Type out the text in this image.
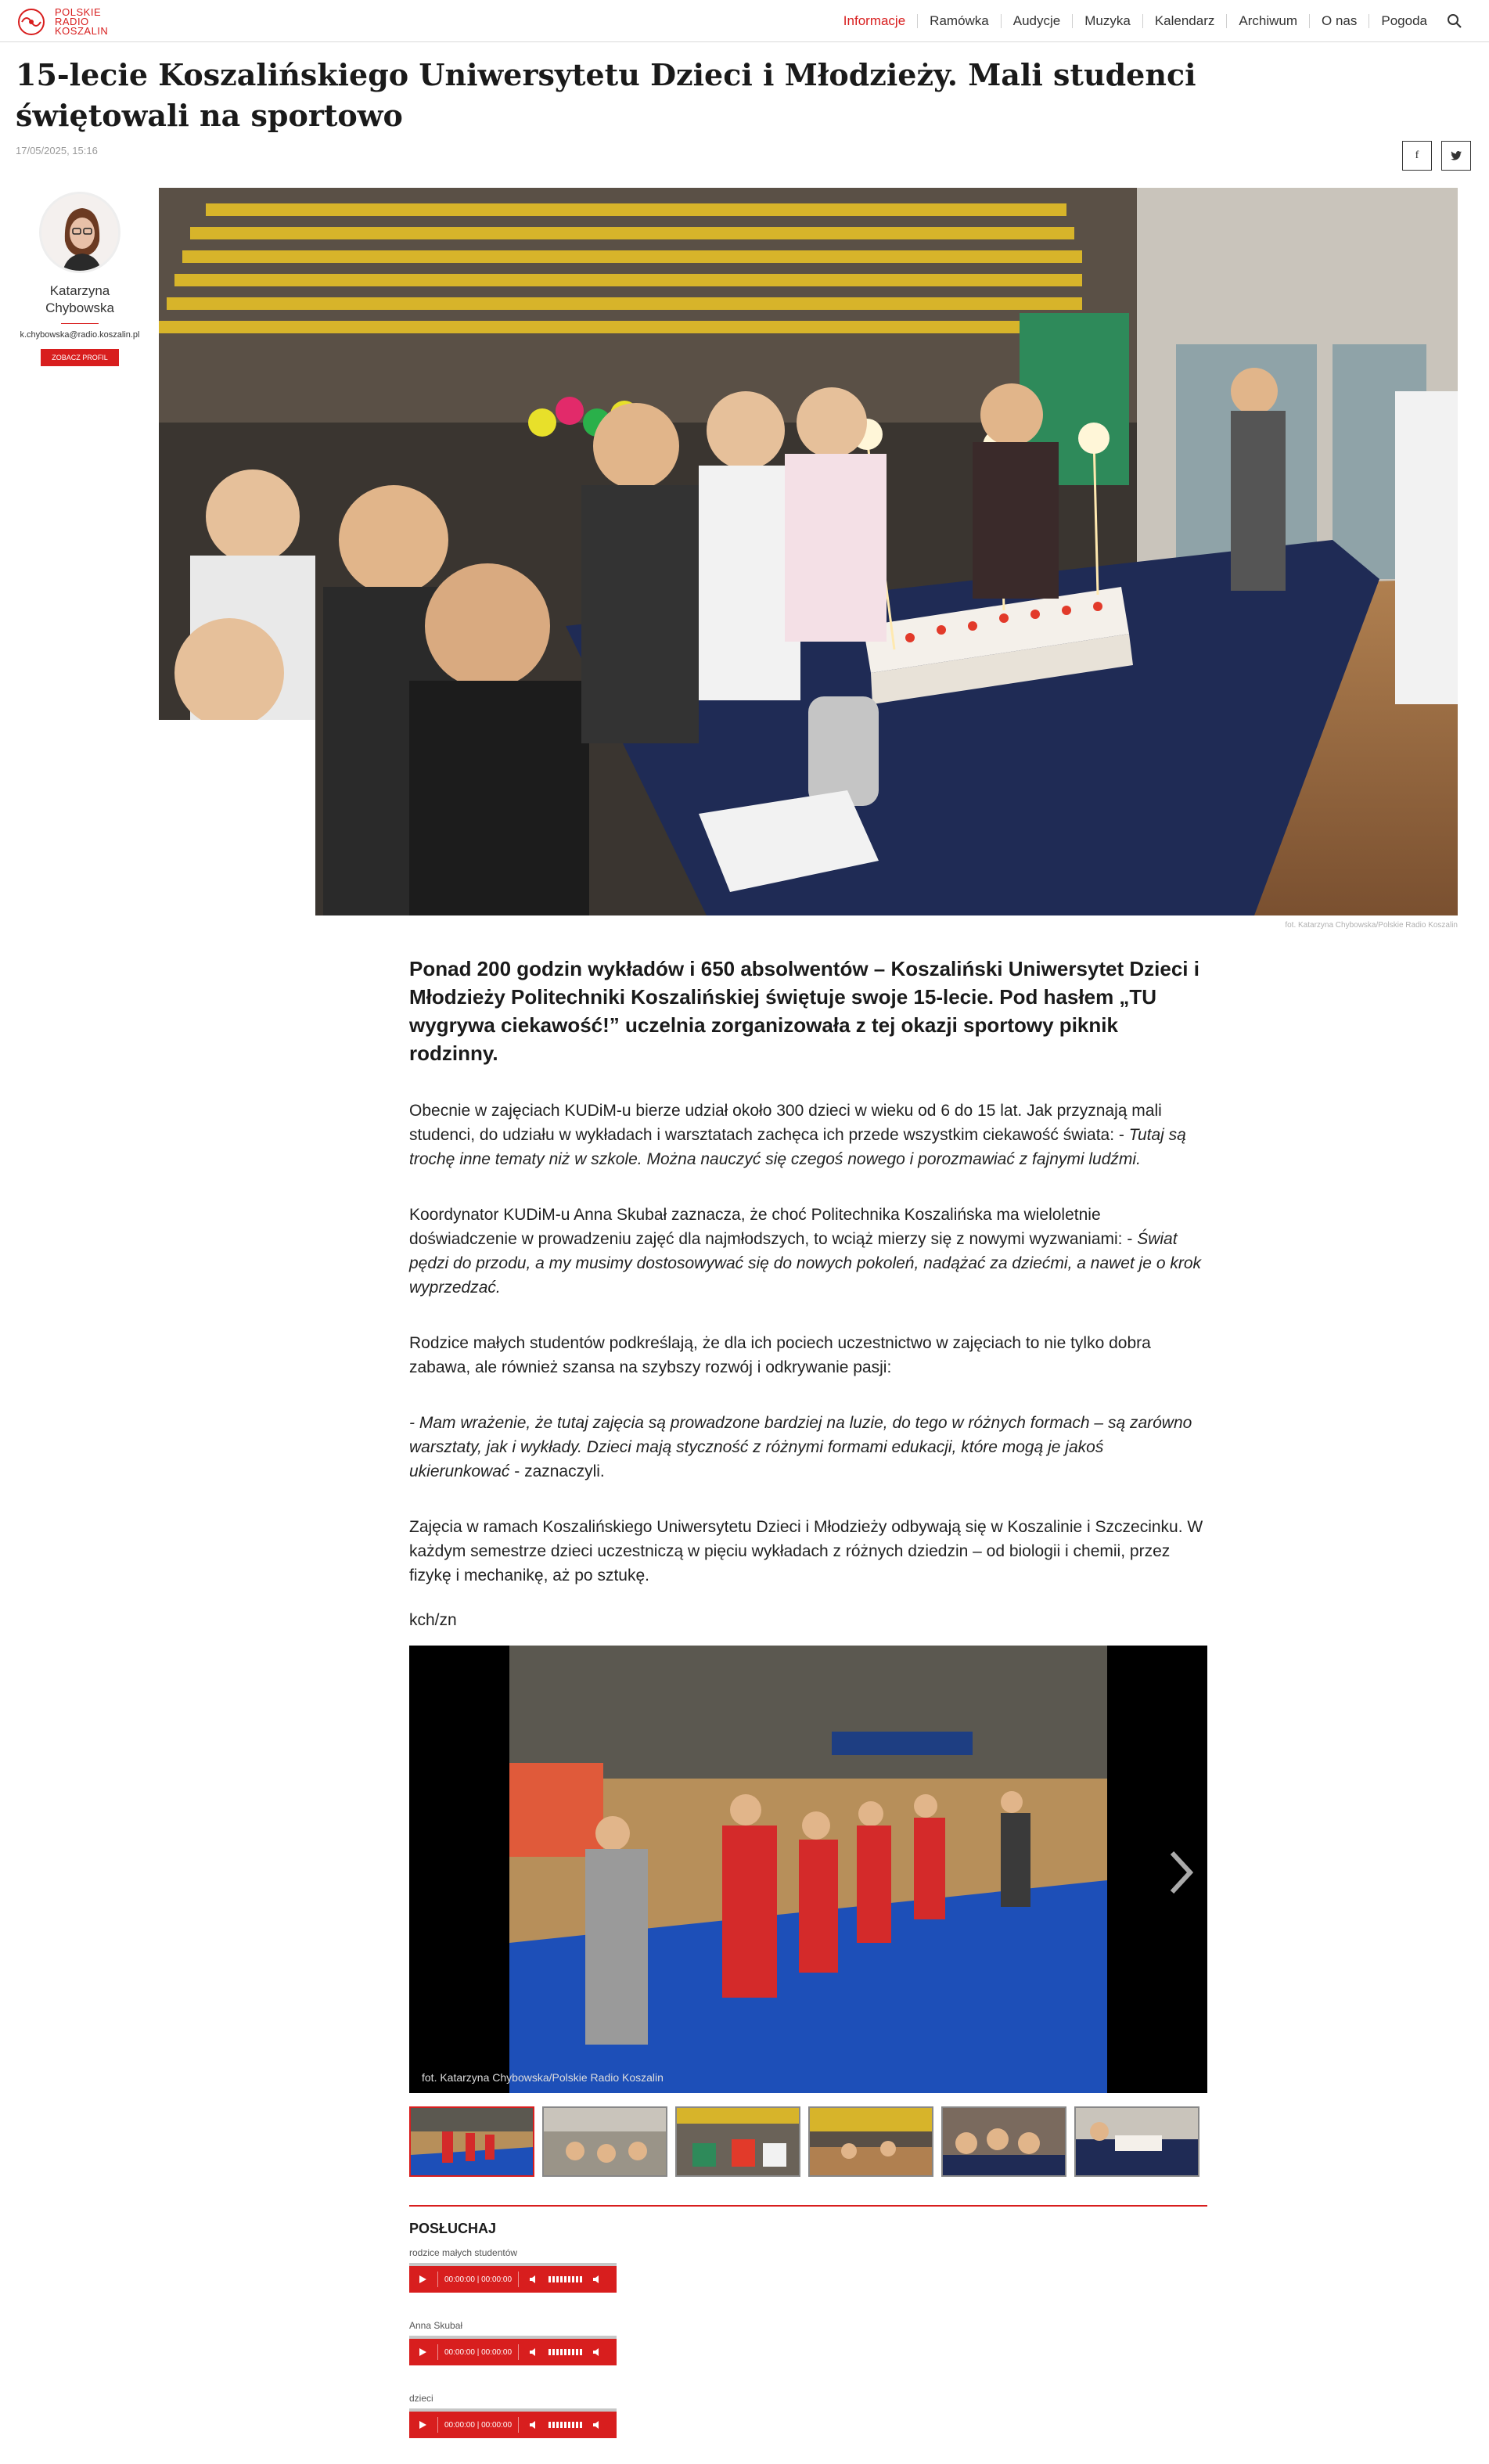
POLSKIE
RADIO
KOSZALIN
Informacje	Ramówka	Audycje	Muzyka	Kalendarz	Archiwum	O nas	Pogoda
15-lecie Koszalińskiego Uniwersytetu Dzieci i Młodzieży. Mali studenci świętowali na sportowo
17/05/2025, 15:16	f
Katarzyna
Chybowska
k.chybowska@radio.koszalin.pl
ZOBACZ PROFIL
fot. Katarzyna Chybowska/Polskie Radio Koszalin

Ponad 200 godzin wykładów i 650 absolwentów – Koszaliński Uniwersytet Dzieci i Młodzieży Politechniki Koszalińskiej świętuje swoje 15-lecie. Pod hasłem „TU wygrywa ciekawość!” uczelnia zorganizowała z tej okazji sportowy piknik rodzinny.

Obecnie w zajęciach KUDiM-u bierze udział około 300 dzieci w wieku od 6 do 15 lat. Jak przyznają mali studenci, do udziału w wykładach i warsztatach zachęca ich przede wszystkim ciekawość świata: - Tutaj są trochę inne tematy niż w szkole. Można nauczyć się czegoś nowego i porozmawiać z fajnymi ludźmi.

Koordynator KUDiM-u Anna Skubał zaznacza, że choć Politechnika Koszalińska ma wieloletnie doświadczenie w prowadzeniu zajęć dla najmłodszych, to wciąż mierzy się z nowymi wyzwaniami: - Świat pędzi do przodu, a my musimy dostosowywać się do nowych pokoleń, nadążać za dziećmi, a nawet je o krok wyprzedzać.

Rodzice małych studentów podkreślają, że dla ich pociech uczestnictwo w zajęciach to nie tylko dobra zabawa, ale również szansa na szybszy rozwój i odkrywanie pasji:

- Mam wrażenie, że tutaj zajęcia są prowadzone bardziej na luzie, do tego w różnych formach – są zarówno warsztaty, jak i wykłady. Dzieci mają styczność z różnymi formami edukacji, które mogą je jakoś ukierunkować - zaznaczyli.

Zajęcia w ramach Koszalińskiego Uniwersytetu Dzieci i Młodzieży odbywają się w Koszalinie i Szczecinku. W każdym semestrze dzieci uczestniczą w pięciu wykładach z różnych dziedzin – od biologii i chemii, przez fizykę i mechanikę, aż po sztukę.

kch/zn

fot. Katarzyna Chybowska/Polskie Radio Koszalin
POSŁUCHAJ
rodzice małych studentów
00:00:00 | 00:00:00
Anna Skubał
00:00:00 | 00:00:00
dzieci
00:00:00 | 00:00:00
